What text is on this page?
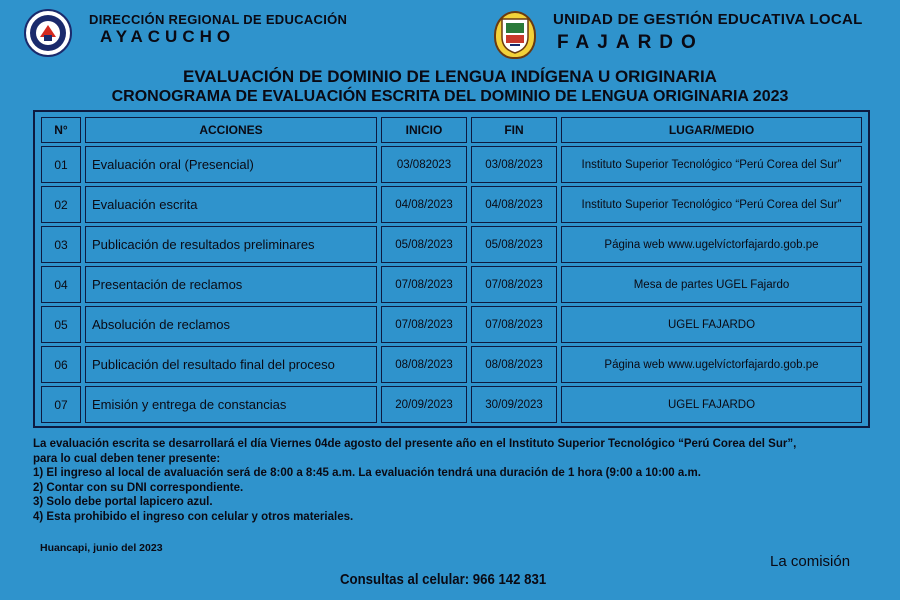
DIRECCIÓN REGIONAL DE EDUCACIÓN
AYACUCHO
UNIDAD DE GESTIÓN EDUCATIVA LOCAL
FAJARDO
EVALUACIÓN DE DOMINIO DE LENGUA INDÍGENA U ORIGINARIA
CRONOGRAMA DE EVALUACIÓN ESCRITA DEL DOMINIO DE LENGUA ORIGINARIA 2023
N°	ACCIONES	INICIO	FIN	LUGAR/MEDIO
01	Evaluación oral (Presencial)	03/082023	03/08/2023	Instituto Superior Tecnológico “Perú Corea del Sur”
02	Evaluación escrita	04/08/2023	04/08/2023	Instituto Superior Tecnológico “Perú Corea del Sur”
03	Publicación de resultados preliminares	05/08/2023	05/08/2023	Página web www.ugelvíctorfajardo.gob.pe
04	Presentación de reclamos	07/08/2023	07/08/2023	Mesa de partes UGEL Fajardo
05	Absolución de reclamos	07/08/2023	07/08/2023	UGEL FAJARDO
06	Publicación del resultado final del proceso	08/08/2023	08/08/2023	Página web www.ugelvíctorfajardo.gob.pe
07	Emisión y entrega de constancias	20/09/2023	30/09/2023	UGEL FAJARDO
La evaluación escrita se desarrollará el día Viernes 04de agosto del presente año en el Instituto Superior Tecnológico “Perú Corea del Sur”,
para lo cual deben tener presente:
1) El ingreso al local de avaluación será de 8:00 a 8:45 a.m. La evaluación tendrá una duración de 1 hora (9:00 a 10:00 a.m.
2) Contar con su DNI correspondiente.
3) Solo debe portal lapicero azul.
4) Esta prohibido el ingreso con celular y otros materiales.
Huancapi, junio del 2023
La comisión
Consultas al celular: 966 142 831
